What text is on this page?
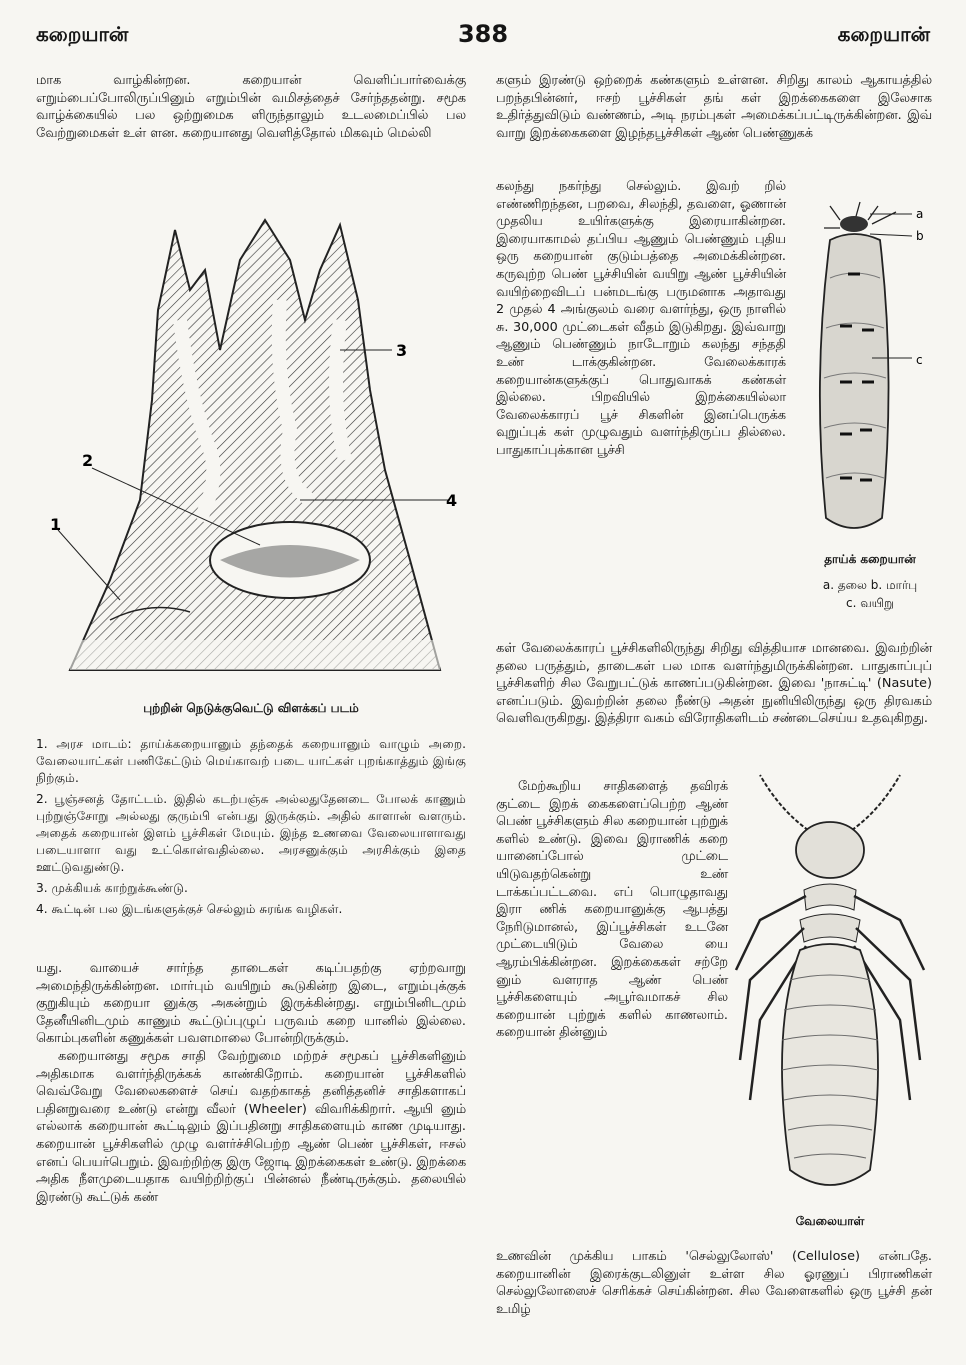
கறையான்	388	கறையான்

மாக வாழ்கின்றன. கறையான் வெளிப்பார்வைக்கு எறும்பைப்போலிருப்பினும் எறும்பின் வமிசத்தைச் சேர்ந்ததன்று. சமூக வாழ்க்கையில் பல ஒற்றுமைக ளிருந்தாலும் உடலமைப்பில் பல வேற்றுமைகள் உள் ளன. கறையானது வெளித்தோல் மிகவும் மெல்லி

1
2
3
4
புற்றின் நெடுக்குவெட்டு விளக்கப் படம்
1. அரச மாடம்: தாய்க்கறையானும் தந்தைக் கறையானும் வாழும் அறை. வேலையாட்கள் பணிகேட்டும் மெய்காவற் படை யாட்கள் புறங்காத்தும் இங்கு நிற்கும்.
2. பூஞ்சனத் தோட்டம். இதில் கடற்பஞ்சு அல்லதுதேனடை போலக் காணும் புற்றுஞ்சோறு அல்லது குரும்பி என்பது இருக்கும். அதில் காளான் வளரும். அதைக் கறையான் இளம் பூச்சிகள் மேயும். இந்த உணவை வேலையாளாவது படையாளா வது உட்கொள்வதில்லை. அரசனுக்கும் அரசிக்கும் இதை ஊட்டுவதுண்டு.
3. முக்கியக் காற்றுக்கூண்டு.
4. கூட்டின் பல இடங்களுக்குச் செல்லும் சுரங்க வழிகள்.

யது. வாயைச் சார்ந்த தாடைகள் கடிப்பதற்கு ஏற்றவாறு அமைந்திருக்கின்றன. மார்பும் வயிறும் கூடுகின்ற இடை, எறும்புக்குக் குறுகியும் கறையா னுக்கு அகன்றும் இருக்கின்றது. எறும்பினிடமும் தேனீயினிடமும் காணும் கூட்டுப்புழுப் பருவம் கறை யானில் இல்லை. கொம்புகளின் கணுக்கள் பவளமாலை போன்றிருக்கும்.

கறையானது சமூக சாதி வேற்றுமை மற்றச் சமூகப் பூச்சிகளினும் அதிகமாக வளர்ந்திருக்கக் காண்கிறோம். கறையான் பூச்சிகளில் வெவ்வேறு வேலைகளைச் செய் வதற்காகத் தனித்தனிச் சாதிகளாகப் பதினறுவரை உண்டு என்று வீலர் (Wheeler) விவரிக்கிறார். ஆயி னும் எல்லாக் கறையான் கூட்டிலும் இப்பதினறு சாதிகளையும் காண முடியாது. கறையான் பூச்சிகளில் முழு வளர்ச்சிபெற்ற ஆண் பெண் பூச்சிகள், ஈசல் எனப் பெயர்பெறும். இவற்றிற்கு இரு ஜோடி இறக்கைகள் உண்டு. இறக்கை அதிக நீளமுடையதாக வயிற்றிற்குப் பின்னல் நீண்டிருக்கும். தலையில் இரண்டு கூட்டுக் கண்

களும் இரண்டு ஒற்றைக் கண்களும் உள்ளன. சிறிது காலம் ஆகாயத்தில் பறந்தபின்னர், ஈசற் பூச்சிகள் தங் கள் இறக்கைகளை இலேசாக உதிர்த்துவிடும் வண்ணம், அடி நரம்புகள் அமைக்கப்பட்டிருக்கின்றன. இவ் வாறு இறக்கைகளை இழந்தபூச்சிகள் ஆண் பெண்ணுகக்

கலந்து நகர்ந்து செல்லும். இவற் றில் எண்ணிறந்தன, பறவை, சிலந்தி, தவளை, ஓணான் முதலிய உயிர்களுக்கு இரையாகின்றன. இரையாகாமல் தப்பிய ஆணும் பெண்ணும் புதிய ஒரு கறையான் குடும்பத்தை அமைக்கின்றன. கருவுற்ற பெண் பூச்சியின் வயிறு ஆண் பூச்சியின் வயிற்றைவிடப் பன்மடங்கு பருமனாக அதாவது 2 முதல் 4 அங்குலம் வரை வளர்ந்து, ஒரு நாளில் சு. 30,000 முட்டைகள் வீதம் இடுகிறது. இவ்வாறு ஆணும் பெண்ணும் நாடோறும் கலந்து சந்ததி உண் டாக்குகின்றன. வேலைக்காரக் கறையான்களுக்குப் பொதுவாகக் கண்கள் இல்லை. பிறவியில் இறக்கையில்லா வேலைக்காரப் பூச் சிகளின் இனப்பெருக்க வுறுப்புக் கள் முழுவதும் வளர்ந்திருப்ப தில்லை. பாதுகாப்புக்கான பூச்சி

a
b
c
தாய்க் கறையான்
a. தலை b. மார்பு
c. வயிறு

கள் வேலைக்காரப் பூச்சிகளிலிருந்து சிறிது வித்தியாச மானவை. இவற்றின் தலை பருத்தும், தாடைகள் பல மாக வளர்ந்துமிருக்கின்றன. பாதுகாப்புப் பூச்சிகளிற் சில வேறுபட்டுக் காணப்படுகின்றன. இவை 'நாசுட்டி' (Nasute) எனப்படும். இவற்றின் தலை நீண்டு அதன் நுனியிலிருந்து ஒரு திரவகம் வெளிவருகிறது. இத்திரா வகம் விரோதிகளிடம் சண்டைசெய்ய உதவுகிறது.

மேற்கூறிய சாதிகளைத் தவிரக் குட்டை இறக் கைகளைப்பெற்ற ஆண் பெண் பூச்சிகளும் சில கறையான் புற்றுக் களில் உண்டு. இவை இராணிக் கறை யானைப்போல் முட்டை யிடுவதற்கென்று உண் டாக்கப்பட்டவை. எப் பொழுதாவது இரா ணிக் கறையானுக்கு ஆபத்து நேரிடுமானல், இப்பூச்சிகள் உடனே முட்டையிடும் வேலை யை ஆரம்பிக்கின்றன. இறக்கைகள் சற்றே னும் வளராத ஆண் பெண் பூச்சிகளையும் அபூர்வமாகச் சில கறையான் புற்றுக் களில் காணலாம். கறையான் தின்னும்

வேலையாள்

உணவின் முக்கிய பாகம் 'செல்லுலோஸ்' (Cellulose) என்பதே. கறையானின் இரைக்குடலினுள் உள்ள சில ஓரணுப் பிராணிகள் செல்லுலோஸைச் செரிக்கச் செய்கின்றன. சில வேளைகளில் ஒரு பூச்சி தன் உமிழ்
